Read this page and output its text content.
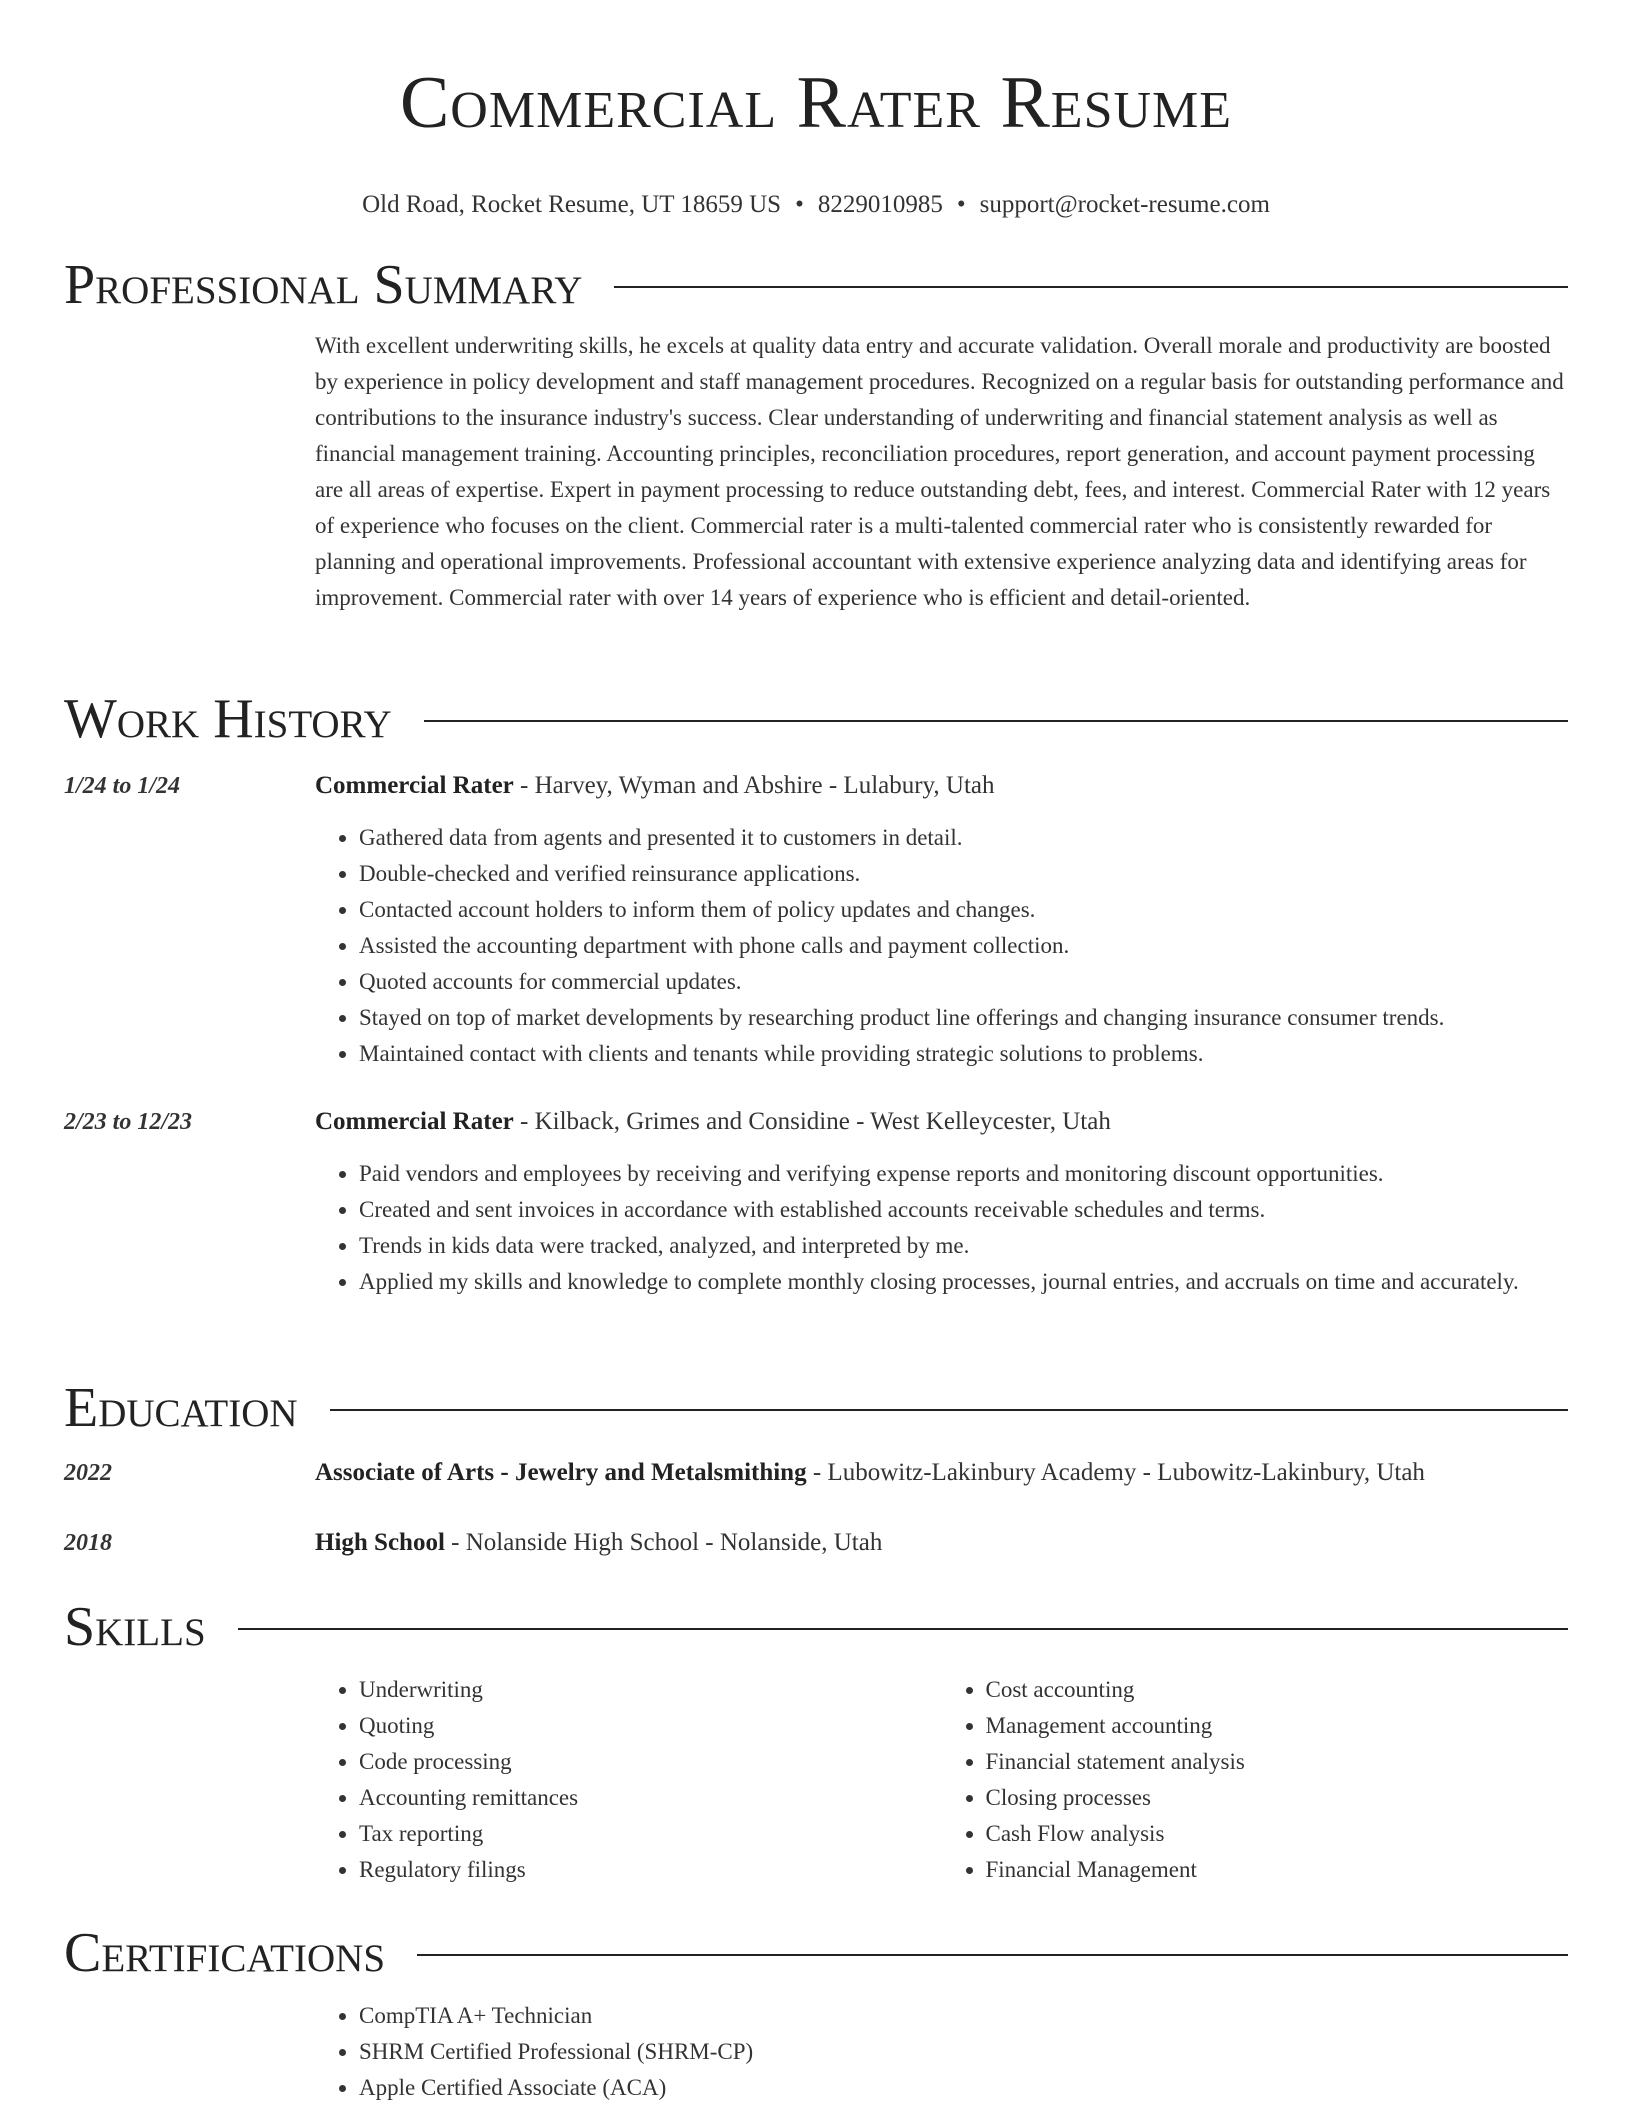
Commercial Rater Resume
Old Road, Rocket Resume, UT 18659 US • 8229010985 • support@rocket-resume.com
Professional Summary
With excellent underwriting skills, he excels at quality data entry and accurate validation. Overall morale and productivity are boosted by experience in policy development and staff management procedures. Recognized on a regular basis for outstanding performance and contributions to the insurance industry's success. Clear understanding of underwriting and financial statement analysis as well as financial management training. Accounting principles, reconciliation procedures, report generation, and account payment processing are all areas of expertise. Expert in payment processing to reduce outstanding debt, fees, and interest. Commercial Rater with 12 years of experience who focuses on the client. Commercial rater is a multi-talented commercial rater who is consistently rewarded for planning and operational improvements. Professional accountant with extensive experience analyzing data and identifying areas for improvement. Commercial rater with over 14 years of experience who is efficient and detail-oriented.
Work History
1/24 to 1/24	Commercial Rater - Harvey, Wyman and Abshire - Lulabury, Utah
• Gathered data from agents and presented it to customers in detail.
• Double-checked and verified reinsurance applications.
• Contacted account holders to inform them of policy updates and changes.
• Assisted the accounting department with phone calls and payment collection.
• Quoted accounts for commercial updates.
• Stayed on top of market developments by researching product line offerings and changing insurance consumer trends.
• Maintained contact with clients and tenants while providing strategic solutions to problems.
2/23 to 12/23	Commercial Rater - Kilback, Grimes and Considine - West Kelleycester, Utah
• Paid vendors and employees by receiving and verifying expense reports and monitoring discount opportunities.
• Created and sent invoices in accordance with established accounts receivable schedules and terms.
• Trends in kids data were tracked, analyzed, and interpreted by me.
• Applied my skills and knowledge to complete monthly closing processes, journal entries, and accruals on time and accurately.
Education
2022	Associate of Arts - Jewelry and Metalsmithing - Lubowitz-Lakinbury Academy - Lubowitz-Lakinbury, Utah
2018	High School - Nolanside High School - Nolanside, Utah
Skills
• Underwriting
• Quoting
• Code processing
• Accounting remittances
• Tax reporting
• Regulatory filings
• Cost accounting
• Management accounting
• Financial statement analysis
• Closing processes
• Cash Flow analysis
• Financial Management
Certifications
• CompTIA A+ Technician
• SHRM Certified Professional (SHRM-CP)
• Apple Certified Associate (ACA)
